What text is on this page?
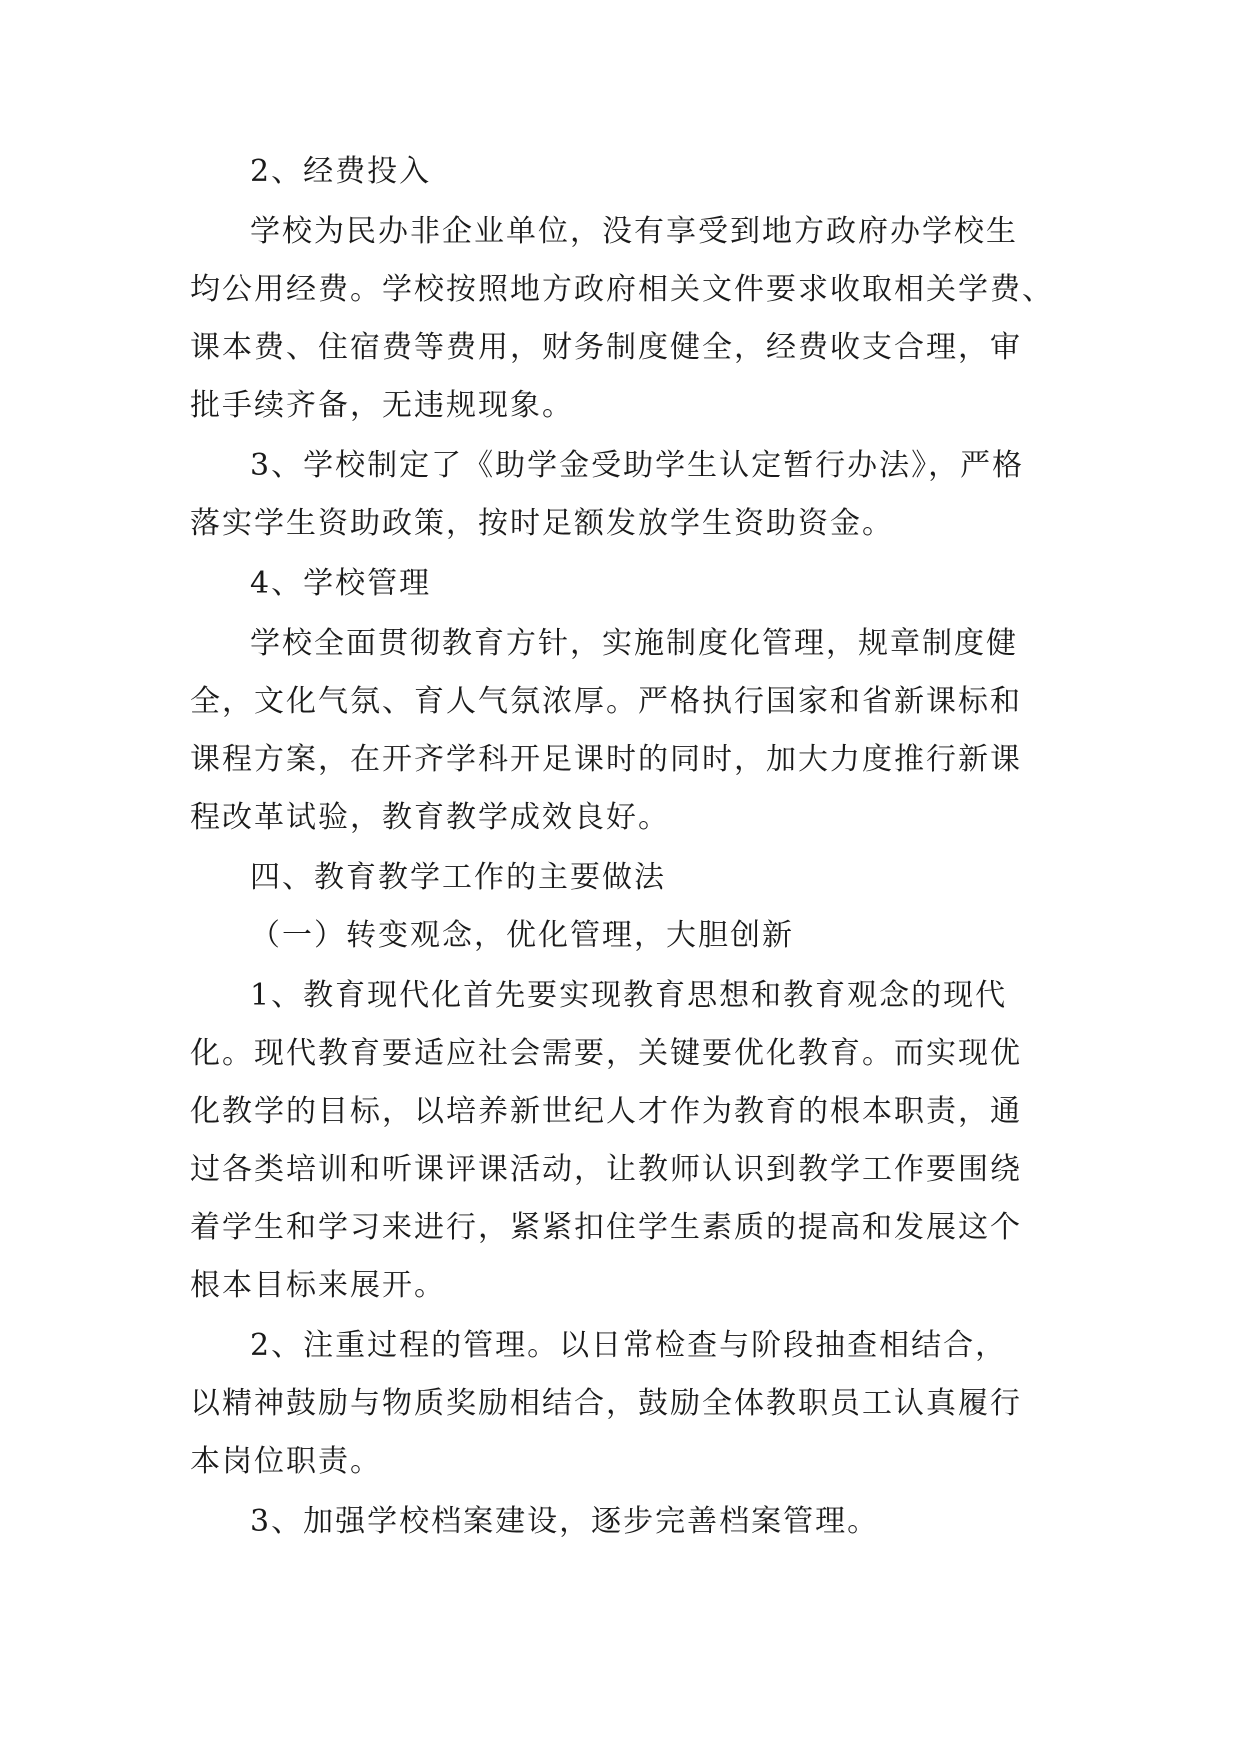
2、经费投入
学校为民办非企业单位，没有享受到地方政府办学校生
均公用经费。学校按照地方政府相关文件要求收取相关学费、
课本费、住宿费等费用，财务制度健全，经费收支合理，审
批手续齐备，无违规现象。
3、学校制定了《助学金受助学生认定暂行办法》，严格
落实学生资助政策，按时足额发放学生资助资金。
4、学校管理
学校全面贯彻教育方针，实施制度化管理，规章制度健
全，文化气氛、育人气氛浓厚。严格执行国家和省新课标和
课程方案，在开齐学科开足课时的同时，加大力度推行新课
程改革试验，教育教学成效良好。
四、教育教学工作的主要做法
（一）转变观念，优化管理，大胆创新
1、教育现代化首先要实现教育思想和教育观念的现代
化。现代教育要适应社会需要，关键要优化教育。而实现优
化教学的目标，以培养新世纪人才作为教育的根本职责，通
过各类培训和听课评课活动，让教师认识到教学工作要围绕
着学生和学习来进行，紧紧扣住学生素质的提高和发展这个
根本目标来展开。
2、注重过程的管理。以日常检查与阶段抽查相结合，
以精神鼓励与物质奖励相结合，鼓励全体教职员工认真履行
本岗位职责。
3、加强学校档案建设，逐步完善档案管理。
